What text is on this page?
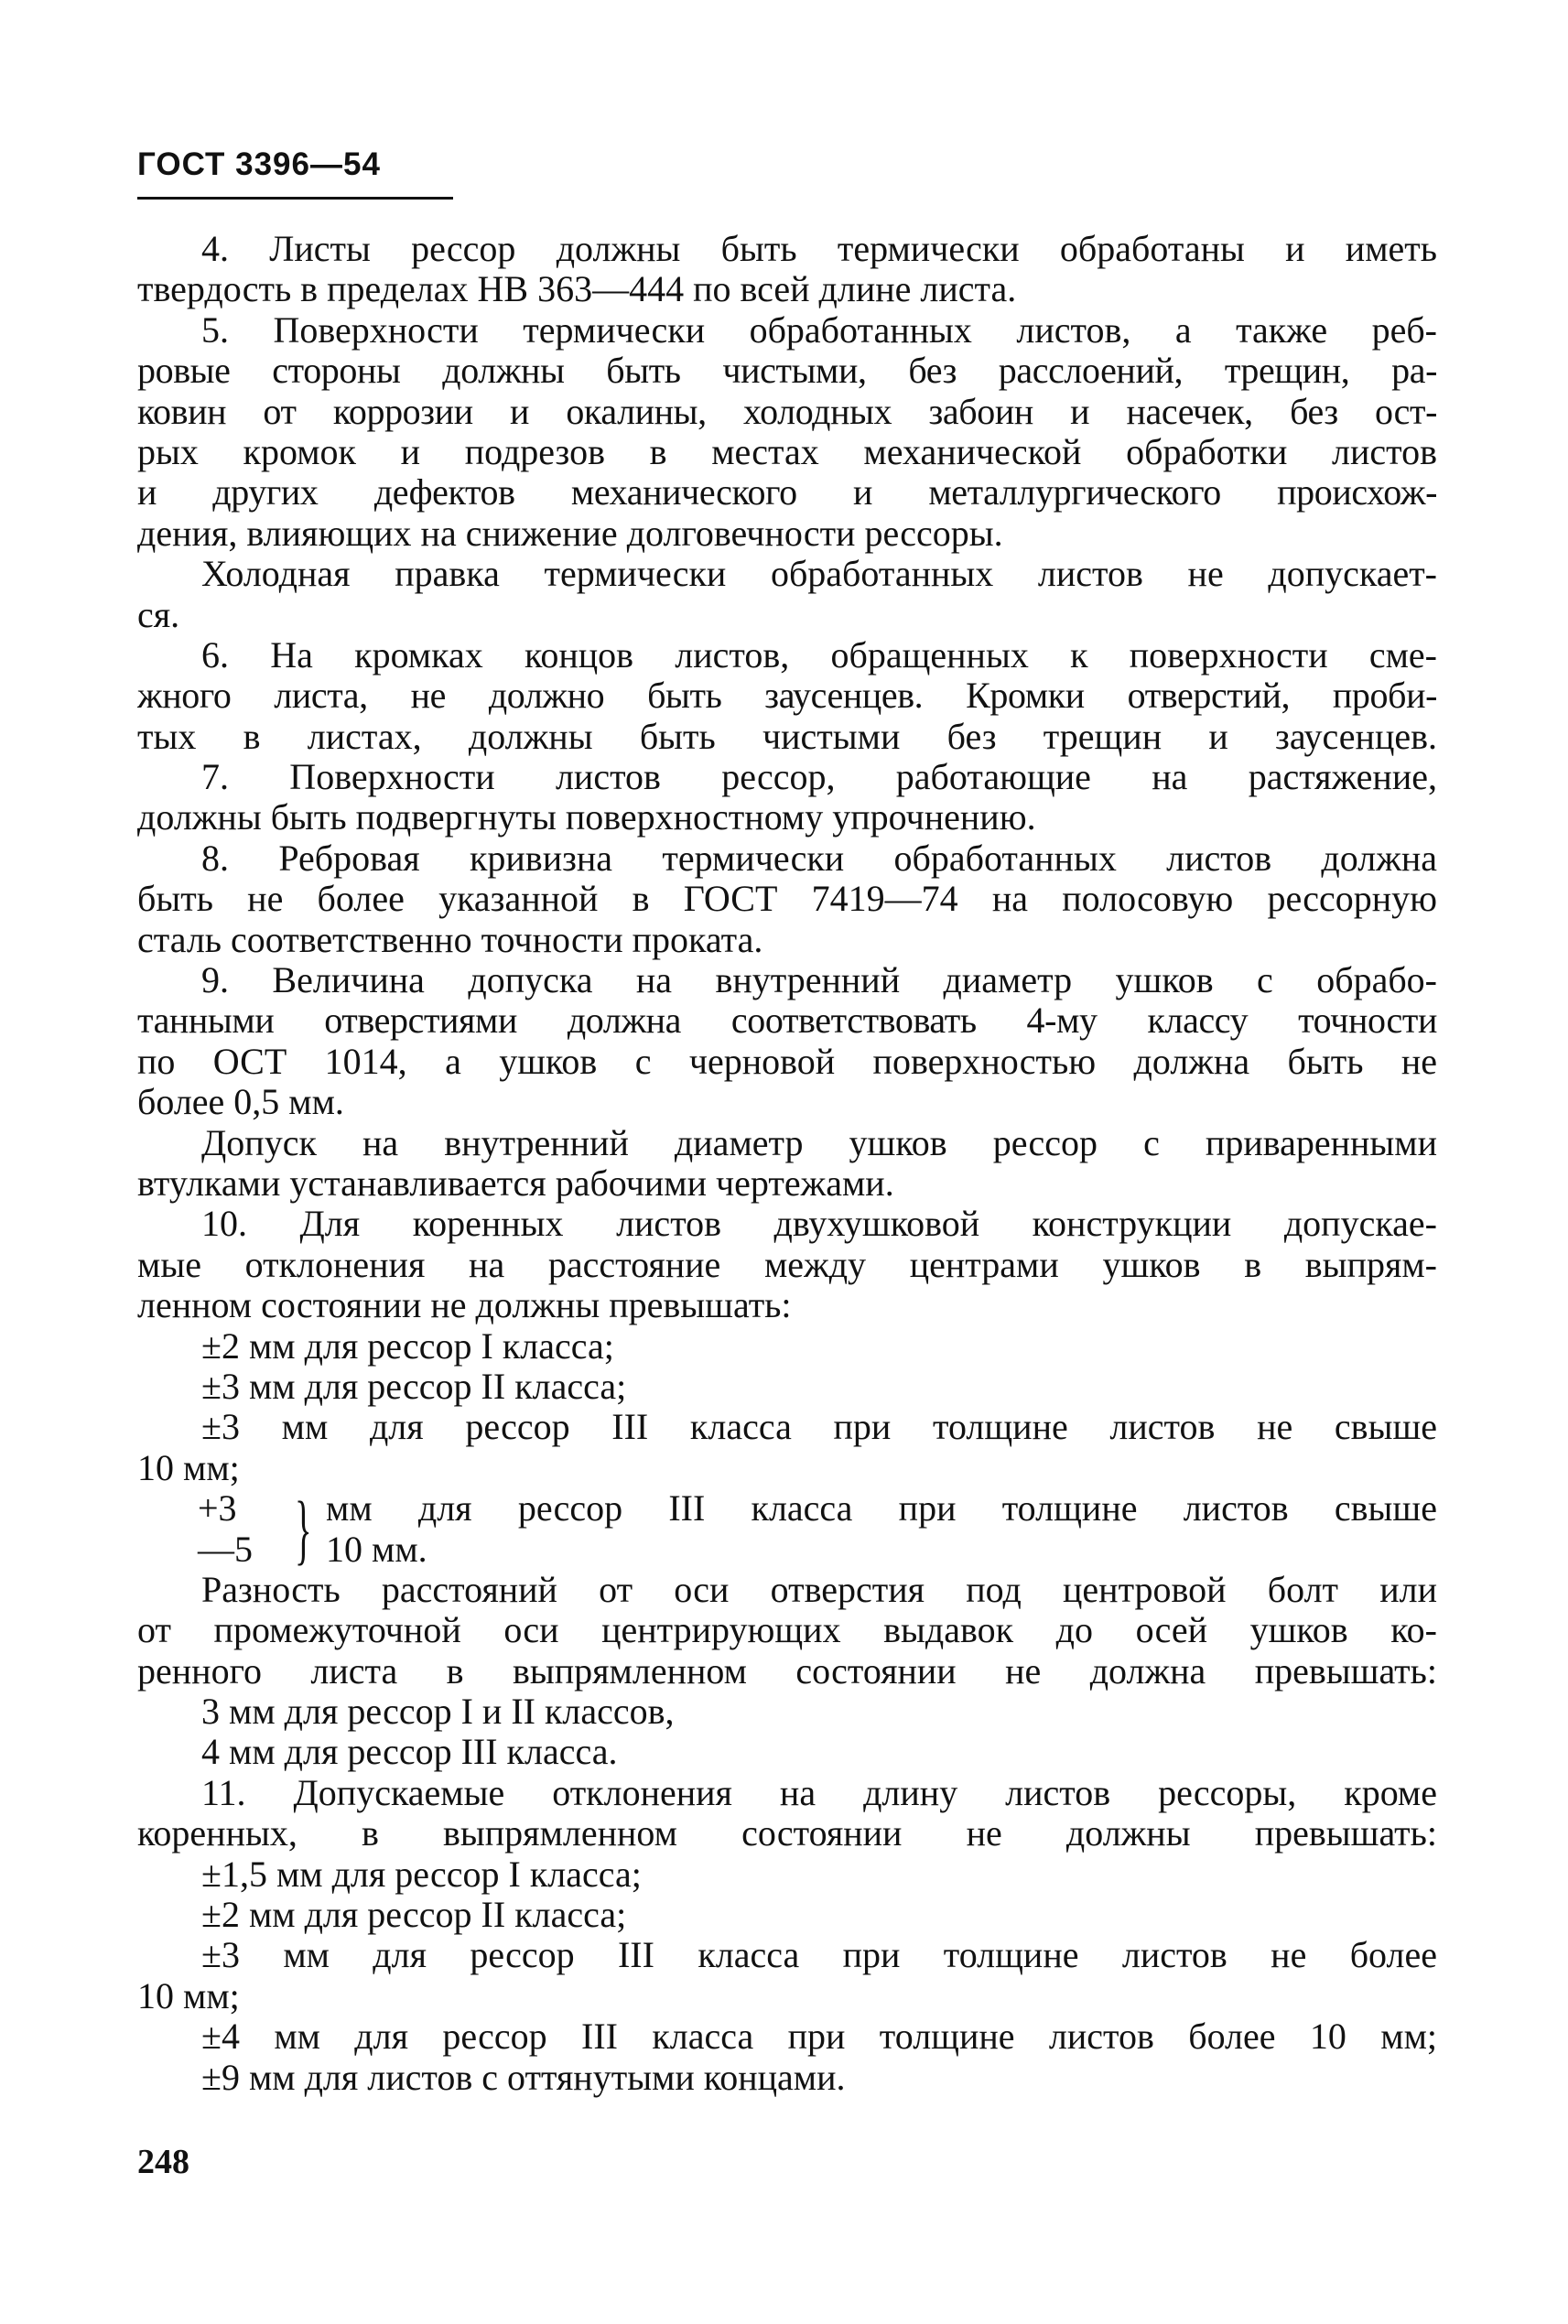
ГОСТ 3396—54
4. Листы рессор должны быть термически обработаны и иметь
твердость в пределах НВ 363—444 по всей длине листа.
5. Поверхности термически обработанных листов, а также реб-
ровые стороны должны быть чистыми, без расслоений, трещин, ра-
ковин от коррозии и окалины, холодных забоин и насечек, без ост-
рых кромок и подрезов в местах механической обработки листов
и других дефектов механического и металлургического происхож-
дения, влияющих на снижение долговечности рессоры.
Холодная правка термически обработанных листов не допускает-
ся.
6. На кромках концов листов, обращенных к поверхности сме-
жного листа, не должно быть заусенцев. Кромки отверстий, проби-
тых в листах, должны быть чистыми без трещин и заусенцев.
7. Поверхности листов рессор, работающие на растяжение,
должны быть подвергнуты поверхностному упрочнению.
8. Ребровая кривизна термически обработанных листов должна
быть не более указанной в ГОСТ 7419—74 на полосовую рессорную
сталь соответственно точности проката.
9. Величина допуска на внутренний диаметр ушков с обрабо-
танными отверстиями должна соответствовать 4-му классу точности
по ОСТ 1014, а ушков с черновой поверхностью должна быть не
более 0,5 мм.
Допуск на внутренний диаметр ушков рессор с приваренными
втулками устанавливается рабочими чертежами.
10. Для коренных листов двухушковой конструкции допускае-
мые отклонения на расстояние между центрами ушков в выпрям-
ленном состоянии не должны превышать:
±2 мм для рессор I класса;
±3 мм для рессор II класса;
±3 мм для рессор III класса при толщине листов не свыше
10 мм;
+3
—5 } мм для рессор III класса при толщине листов свыше
10 мм.
Разность расстояний от оси отверстия под центровой болт или
от промежуточной оси центрирующих выдавок до осей ушков ко-
ренного листа в выпрямленном состоянии не должна превышать:
3 мм для рессор I и II классов,
4 мм для рессор III класса.
11. Допускаемые отклонения на длину листов рессоры, кроме
коренных, в выпрямленном состоянии не должны превышать:
±1,5 мм для рессор I класса;
±2 мм для рессор II класса;
±3 мм для рессор III класса при толщине листов не более
10 мм;
±4 мм для рессор III класса при толщине листов более 10 мм;
±9 мм для листов с оттянутыми концами.
248
